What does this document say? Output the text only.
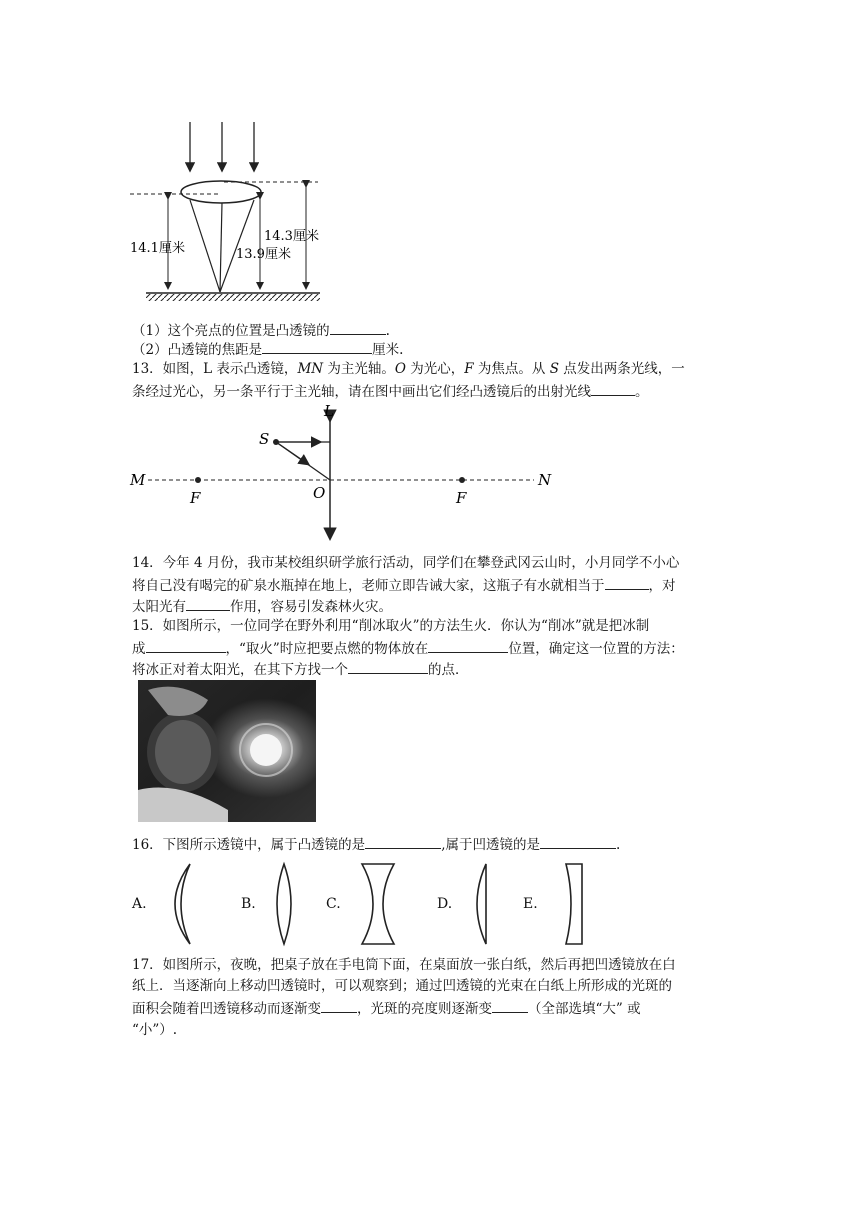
14.1厘米	13.9厘米
14.3厘米
（1）这个亮点的位置是凸透镜的	.
（2）凸透镜的焦距是	厘米.
13．如图，L 表示凸透镜，MN 为主光轴。O 为光心，F 为焦点。从 S 点发出两条光线，一
条经过光心，另一条平行于主光轴，请在图中画出它们经凸透镜后的出射光线	。
L
S
M	N
O
F	F
14．今年 4 月份，我市某校组织研学旅行活动，同学们在攀登武冈云山时，小月同学不小心
将自己没有喝完的矿泉水瓶掉在地上，老师立即告诫大家，这瓶子有水就相当于	，对
太阳光有	作用，容易引发森林火灾。
15．如图所示，一位同学在野外利用“削冰取火”的方法生火．你认为“削冰”就是把冰制
成	，“取火”时应把要点燃的物体放在	位置，确定这一位置的方法：
将冰正对着太阳光，在其下方找一个	的点．
16．下图所示透镜中，属于凸透镜的是	,属于凹透镜的是	.
A.	B.	C.	D.	E.
17．如图所示，夜晚，把桌子放在手电筒下面，在桌面放一张白纸，然后再把凹透镜放在白
纸上．当逐渐向上移动凹透镜时，可以观察到；通过凹透镜的光束在白纸上所形成的光斑的
面积会随着凹透镜移动而逐渐变	，光斑的亮度则逐渐变	（全部选填“大” 或
“小”）.
